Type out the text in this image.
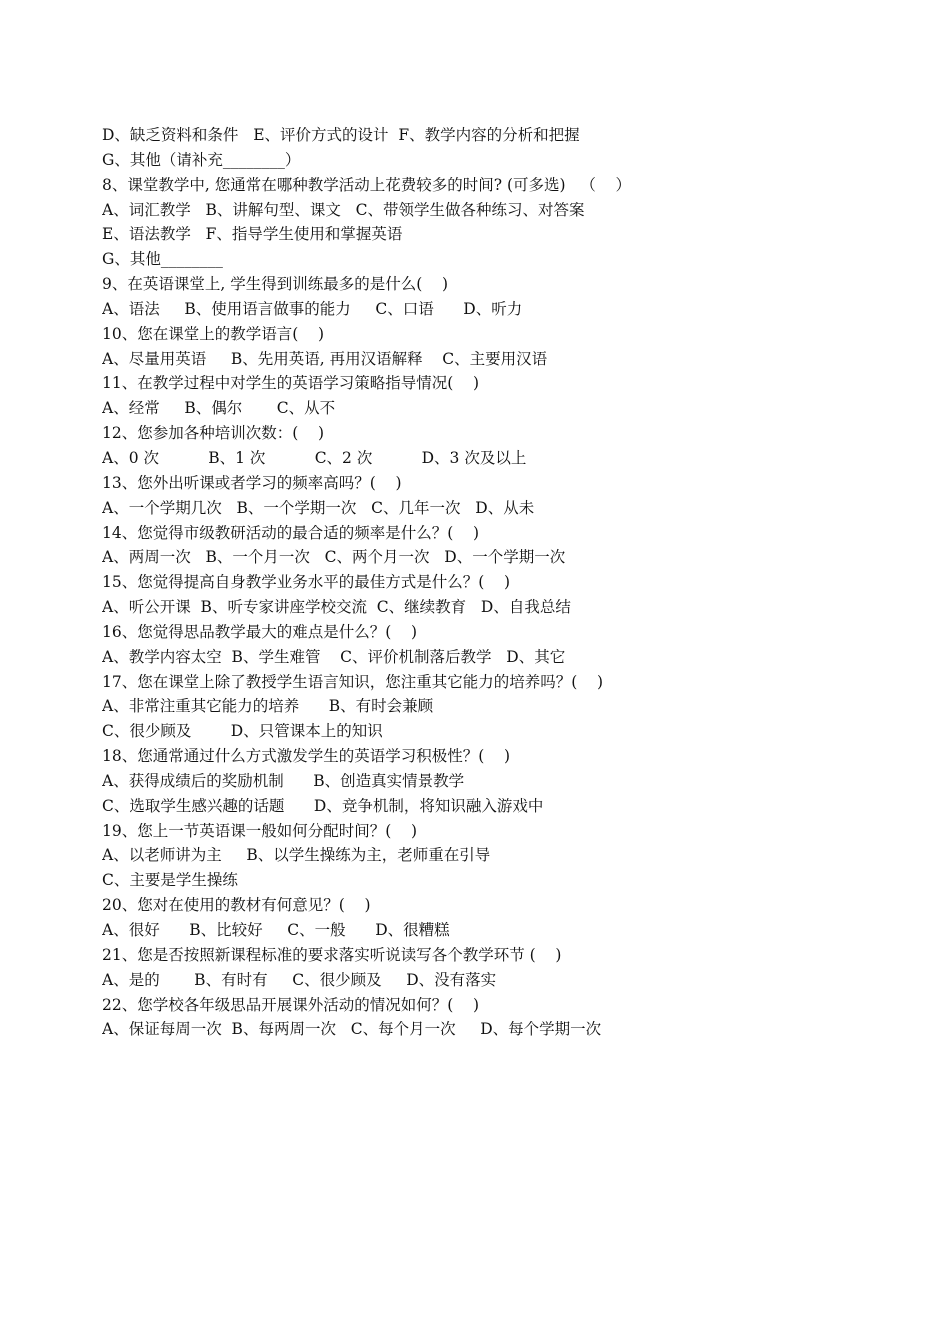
D、缺乏资料和条件   E、评价方式的设计  F、教学内容的分析和把握
G、其他（请补充________）
8、课堂教学中, 您通常在哪种教学活动上花费较多的时间? (可多选)   （    ）
A、词汇教学   B、讲解句型、课文   C、带领学生做各种练习、对答案
E、语法教学   F、指导学生使用和掌握英语
G、其他________
9、在英语课堂上, 学生得到训练最多的是什么(    )
A、语法     B、使用语言做事的能力     C、口语      D、听力
10、您在课堂上的教学语言(    )
A、尽量用英语     B、先用英语, 再用汉语解释    C、主要用汉语
11、在教学过程中对学生的英语学习策略指导情况(    )
A、经常     B、偶尔       C、从不
12、您参加各种培训次数：(    )
A、0 次          B、1 次          C、2 次          D、3 次及以上
13、您外出听课或者学习的频率高吗？(    )
A、一个学期几次   B、一个学期一次   C、几年一次   D、从未
14、您觉得市级教研活动的最合适的频率是什么？(    )
A、两周一次   B、一个月一次   C、两个月一次   D、一个学期一次
15、您觉得提高自身教学业务水平的最佳方式是什么？(    )
A、听公开课  B、听专家讲座学校交流  C、继续教育   D、自我总结
16、您觉得思品教学最大的难点是什么？(    )
A、教学内容太空  B、学生难管    C、评价机制落后教学   D、其它
17、您在课堂上除了教授学生语言知识，您注重其它能力的培养吗？(    )
A、非常注重其它能力的培养      B、有时会兼顾
C、很少顾及        D、只管课本上的知识
18、您通常通过什么方式激发学生的英语学习积极性？(    )
A、获得成绩后的奖励机制      B、创造真实情景教学
C、选取学生感兴趣的话题      D、竞争机制，将知识融入游戏中
19、您上一节英语课一般如何分配时间？(    )
A、以老师讲为主     B、以学生操练为主，老师重在引导
C、主要是学生操练
20、您对在使用的教材有何意见？(    )
A、很好      B、比较好     C、一般      D、很糟糕
21、您是否按照新课程标准的要求落实听说读写各个教学环节 (    )
A、是的       B、有时有     C、很少顾及     D、没有落实
22、您学校各年级思品开展课外活动的情况如何？(    )
A、保证每周一次  B、每两周一次   C、每个月一次     D、每个学期一次
